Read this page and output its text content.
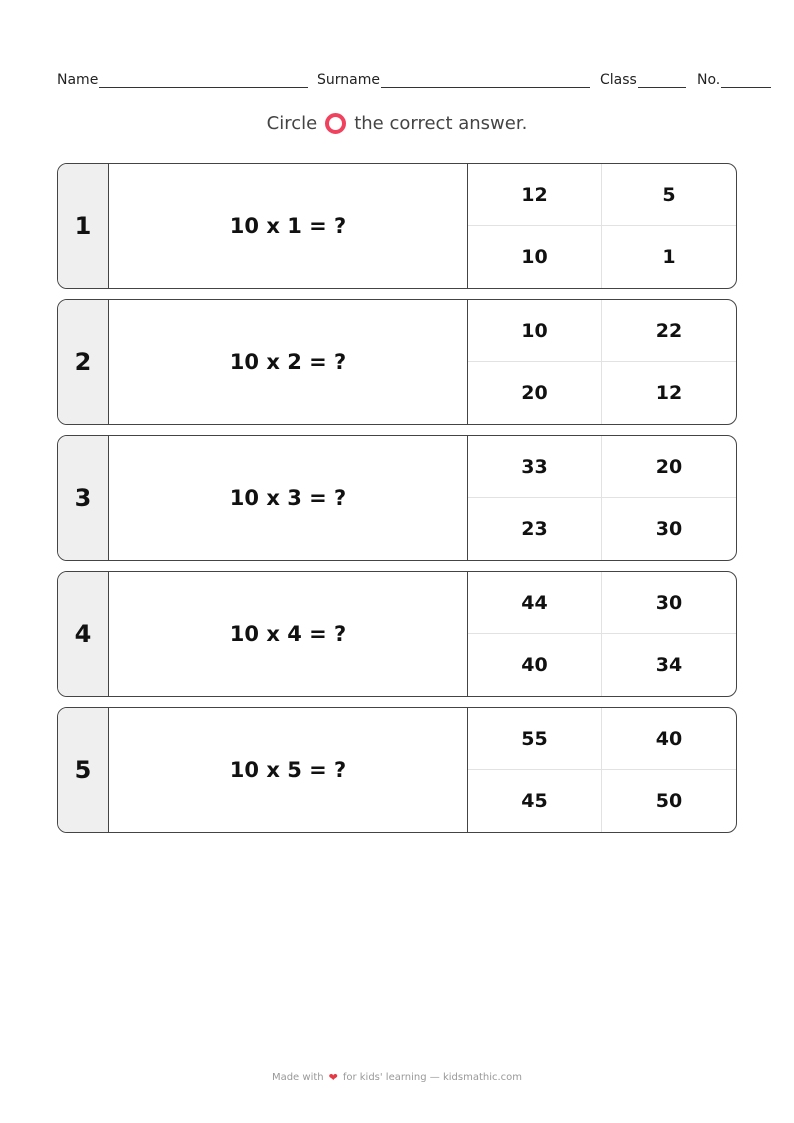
Name	Surname	Class	No.
Circle the correct answer.
1	10 x 1 = ?
12	5
10	1
2	10 x 2 = ?
10	22
20	12
3	10 x 3 = ?
33	20
23	30
4	10 x 4 = ?
44	30
40	34
5	10 x 5 = ?
55	40
45	50
Made with ❤ for kids' learning — kidsmathic.com
